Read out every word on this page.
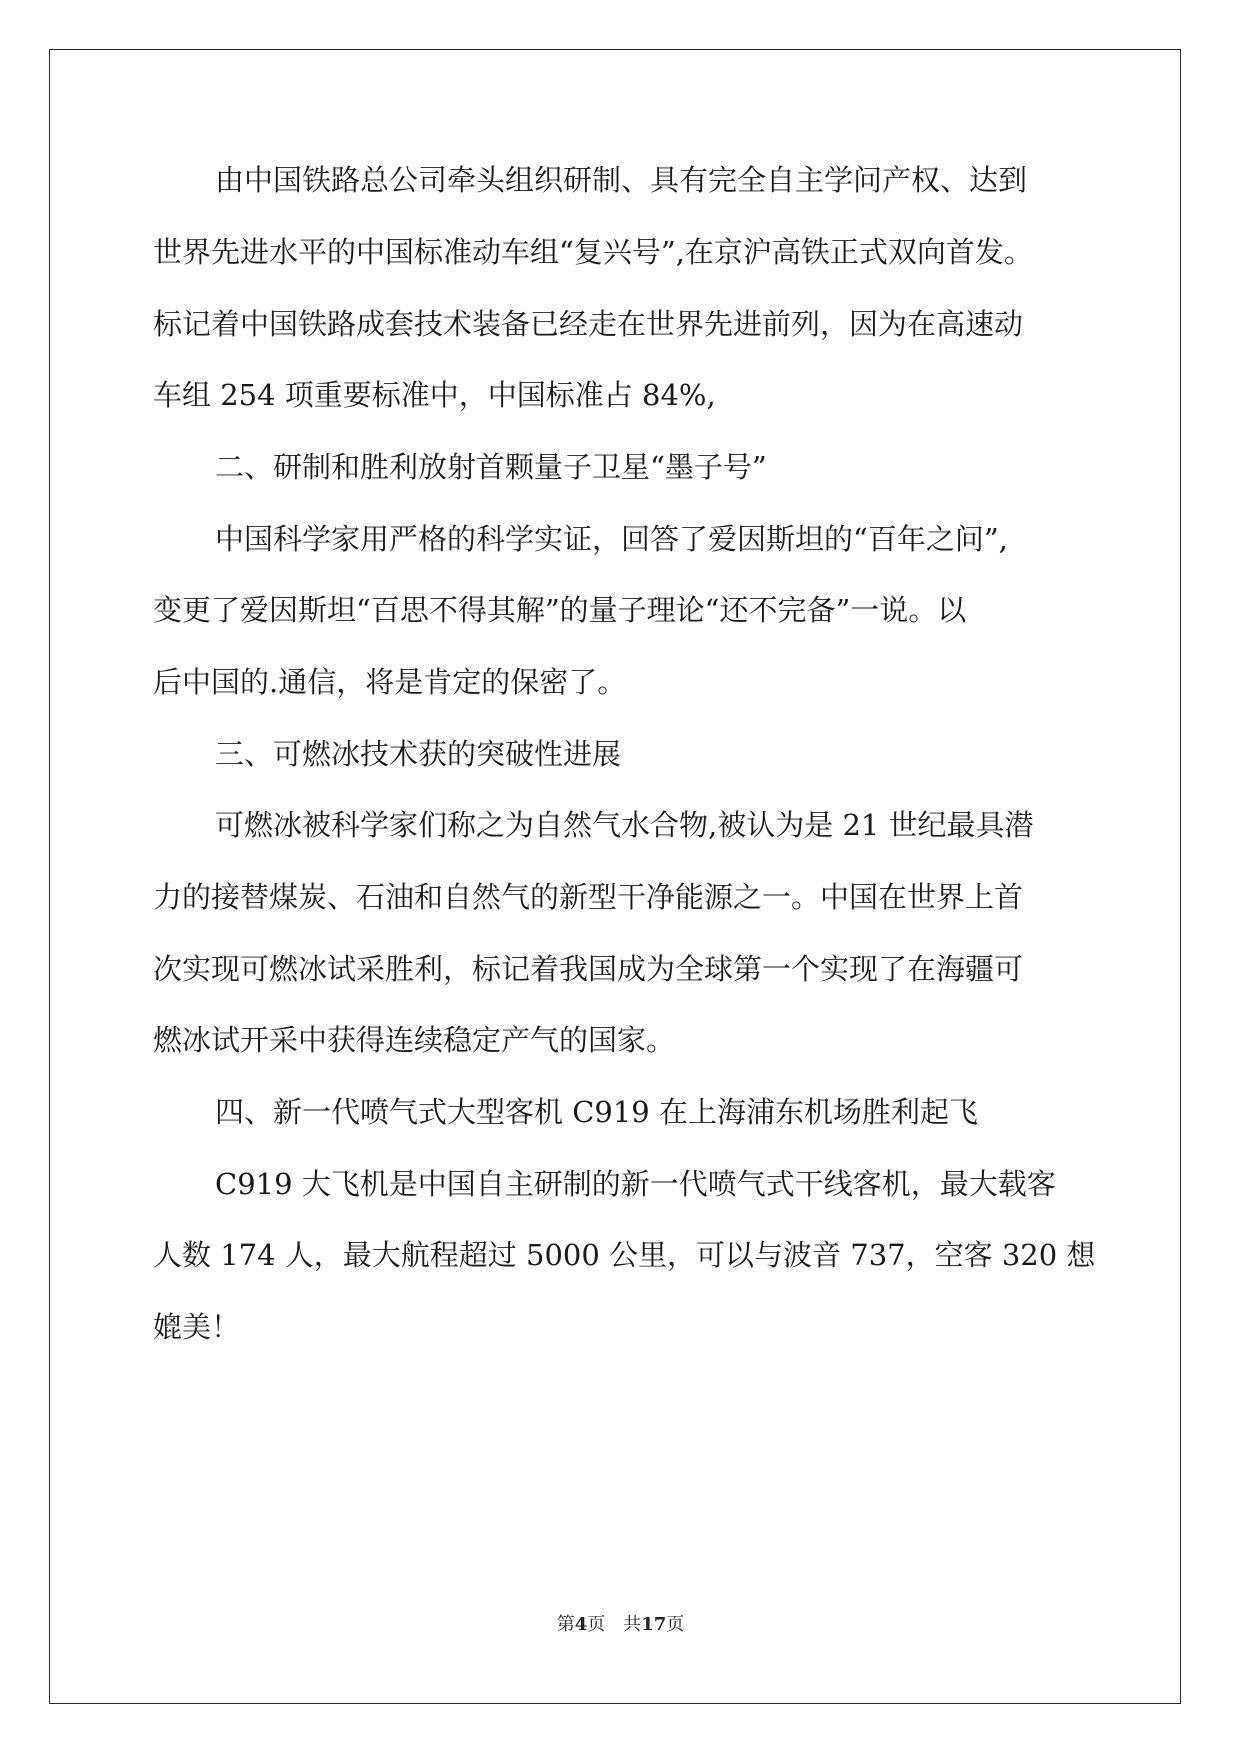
由中国铁路总公司牵头组织研制、具有完全自主学问产权、达到
世界先进水平的中国标准动车组“复兴号”,在京沪高铁正式双向首发。
标记着中国铁路成套技术装备已经走在世界先进前列，因为在高速动
车组 254 项重要标准中，中国标准占 84%,
二、研制和胜利放射首颗量子卫星“墨子号”
中国科学家用严格的科学实证，回答了爱因斯坦的“百年之问”,
变更了爱因斯坦“百思不得其解”的量子理论“还不完备”一说。以
后中国的.通信，将是肯定的保密了。
三、可燃冰技术获的突破性进展
可燃冰被科学家们称之为自然气水合物,被认为是 21 世纪最具潜
力的接替煤炭、石油和自然气的新型干净能源之一。中国在世界上首
次实现可燃冰试采胜利，标记着我国成为全球第一个实现了在海疆可
燃冰试开采中获得连续稳定产气的国家。
四、新一代喷气式大型客机 C919 在上海浦东机场胜利起飞
C919 大飞机是中国自主研制的新一代喷气式干线客机，最大载客
人数 174 人，最大航程超过 5000 公里，可以与波音 737，空客 320 想
媲美！
第4页　共17页
